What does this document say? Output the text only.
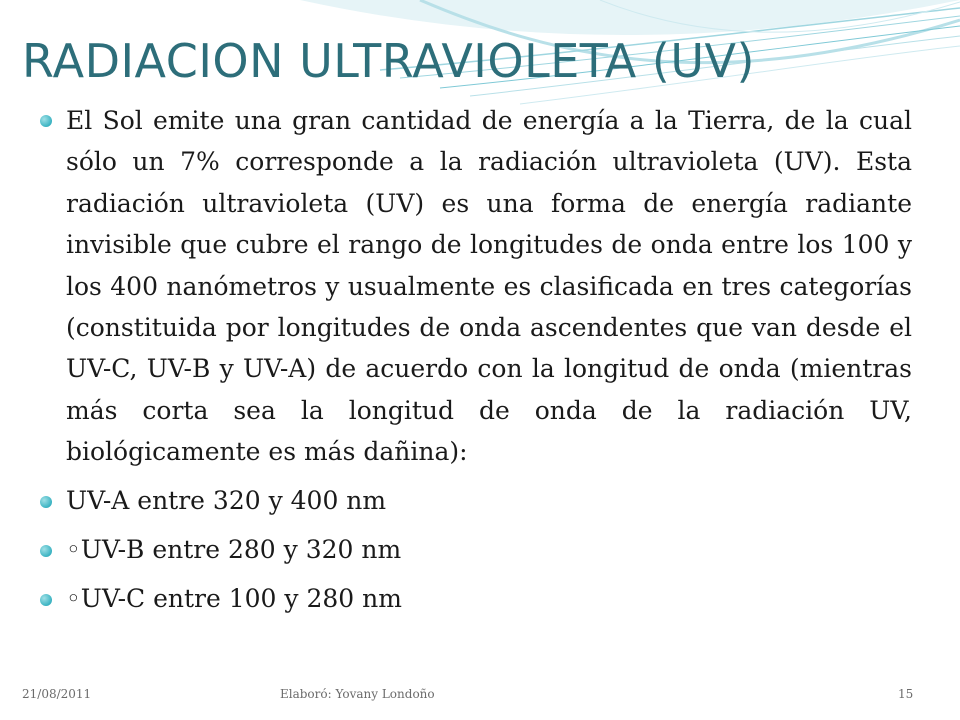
RADIACION ULTRAVIOLETA (UV)
El Sol emite una gran cantidad de energía a la Tierra, de la cual sólo un 7% corresponde a la radiación ultravioleta (UV). Esta radiación ultravioleta (UV) es una forma de energía radiante invisible que cubre el rango de longitudes de onda entre los 100 y los 400 nanómetros y usualmente es clasificada en tres categorías (constituida por longitudes de onda ascendentes que van desde el UV-C, UV-B y UV-A) de acuerdo con la longitud de onda (mientras más corta sea la longitud de onda de la radiación UV, biológicamente es más dañina):
UV-A entre 320 y 400 nm
◦UV-B entre 280 y 320 nm
◦UV-C entre 100 y 280 nm
21/08/2011	Elaboró: Yovany Londoño	15
